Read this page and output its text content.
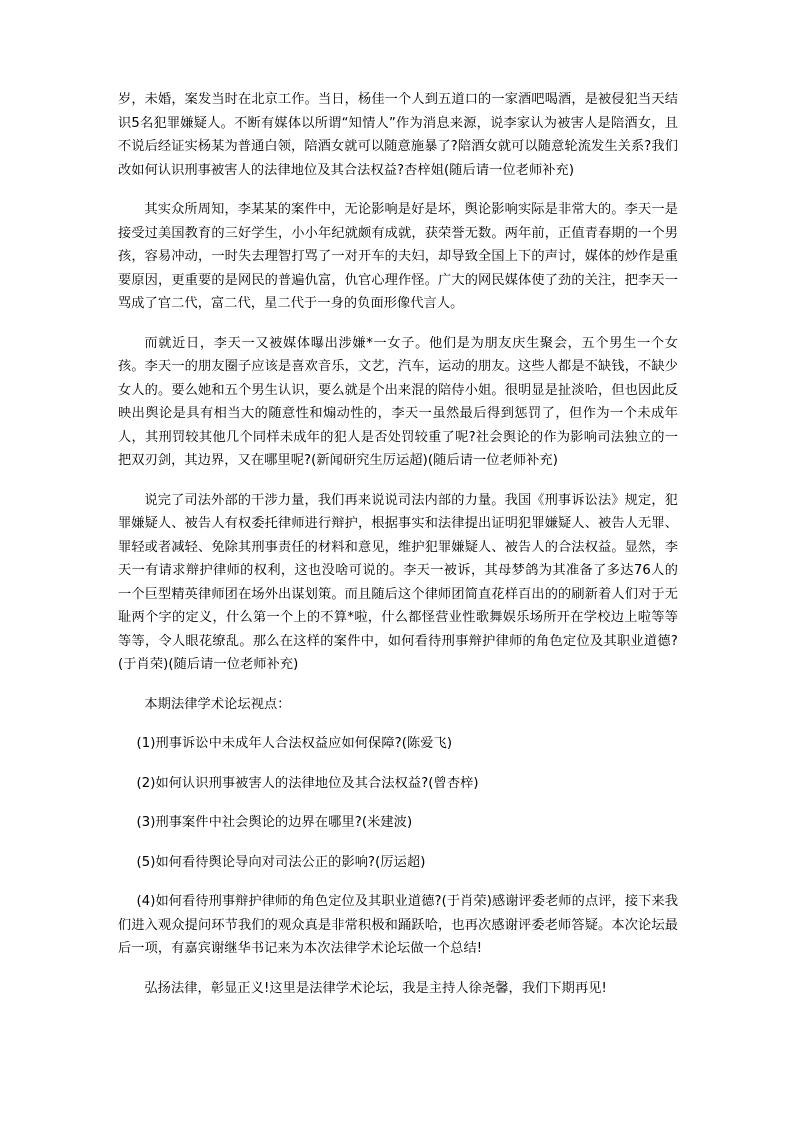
岁，未婚，案发当时在北京工作。当日，杨佳一个人到五道口的一家酒吧喝酒，是被侵犯当天结识5名犯罪嫌疑人。不断有媒体以所谓“知情人”作为消息来源，说李家认为被害人是陪酒女，且不说后经证实杨某为普通白领，陪酒女就可以随意施暴了?陪酒女就可以随意轮流发生关系?我们改如何认识刑事被害人的法律地位及其合法权益?杏梓姐(随后请一位老师补充)

其实众所周知，李某某的案件中，无论影响是好是坏，舆论影响实际是非常大的。李天一是接受过美国教育的三好学生，小小年纪就颇有成就，获荣誉无数。两年前，正值青春期的一个男孩，容易冲动，一时失去理智打骂了一对开车的夫妇，却导致全国上下的声讨，媒体的炒作是重要原因，更重要的是网民的普遍仇富，仇官心理作怪。广大的网民媒体使了劲的关注，把李天一骂成了官二代，富二代，星二代于一身的负面形像代言人。

而就近日，李天一又被媒体曝出涉嫌*一女子。他们是为朋友庆生聚会，五个男生一个女孩。李天一的朋友圈子应该是喜欢音乐，文艺，汽车，运动的朋友。这些人都是不缺钱，不缺少女人的。要么她和五个男生认识，要么就是个出来混的陪侍小姐。很明显是扯淡哈，但也因此反映出舆论是具有相当大的随意性和煽动性的，李天一虽然最后得到惩罚了，但作为一个未成年人，其刑罚较其他几个同样未成年的犯人是否处罚较重了呢?社会舆论的作为影响司法独立的一把双刃剑，其边界，又在哪里呢?(新闻研究生厉运超)(随后请一位老师补充)

说完了司法外部的干涉力量，我们再来说说司法内部的力量。我国《刑事诉讼法》规定，犯罪嫌疑人、被告人有权委托律师进行辩护，根据事实和法律提出证明犯罪嫌疑人、被告人无罪、罪轻或者减轻、免除其刑事责任的材料和意见，维护犯罪嫌疑人、被告人的合法权益。显然，李天一有请求辩护律师的权利，这也没啥可说的。李天一被诉，其母梦鸽为其准备了多达76人的一个巨型精英律师团在场外出谋划策。而且随后这个律师团简直花样百出的的刷新着人们对于无耻两个字的定义，什么第一个上的不算*啦，什么都怪营业性歌舞娱乐场所开在学校边上啦等等等等，令人眼花缭乱。那么在这样的案件中，如何看待刑事辩护律师的角色定位及其职业道德?(于肖荣)(随后请一位老师补充)

本期法律学术论坛视点：

(1)刑事诉讼中未成年人合法权益应如何保障?(陈爱飞)

(2)如何认识刑事被害人的法律地位及其合法权益?(曾杏梓)

(3)刑事案件中社会舆论的边界在哪里?(米建波)

(5)如何看待舆论导向对司法公正的影响?(厉运超)

(4)如何看待刑事辩护律师的角色定位及其职业道德?(于肖荣)感谢评委老师的点评，接下来我们进入观众提问环节我们的观众真是非常积极和踊跃哈，也再次感谢评委老师答疑。本次论坛最后一项，有嘉宾谢继华书记来为本次法律学术论坛做一个总结!

弘扬法律，彰显正义!这里是法律学术论坛，我是主持人徐尧馨，我们下期再见!
